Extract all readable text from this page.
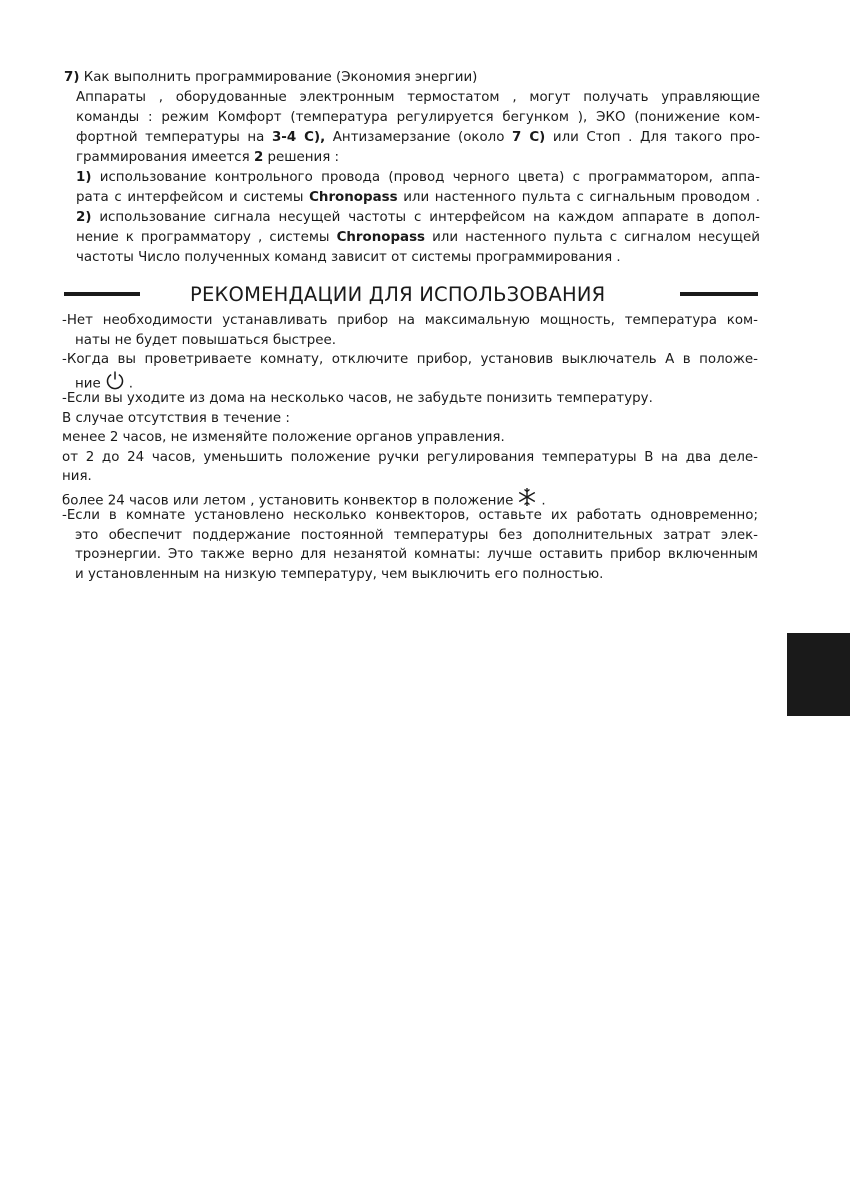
7) Как выполнить программирование (Экономия энергии)
Аппараты , оборудованные электронным термостатом , могут получать управляющие
команды : режим Комфорт (температура регулируется бегунком ), ЭКО (понижение ком-
фортной температуры на 3-4 С), Антизамерзание (около 7 С) или Стоп . Для такого про-
граммирования имеется 2 решения :
1) использование контрольного провода (провод черного цвета) с программатором, аппа-
рата с интерфейсом и системы Chronopass или настенного пульта с сигнальным проводом .
2) использование сигнала несущей частоты с интерфейсом на каждом аппарате в допол-
нение к программатору , системы Chronopass или настенного пульта с сигналом несущей
частоты Число полученных команд зависит от системы программирования .
РЕКОМЕНДАЦИИ ДЛЯ ИСПОЛЬЗОВАНИЯ
-Нет необходимости устанавливать прибор на максимальную мощность, температура ком-
наты не будет повышаться быстрее.
-Когда вы проветриваете комнату, отключите прибор, установив выключатель А в положе-
ние .
-Если вы уходите из дома на несколько часов, не забудьте понизить температуру.
В случае отсутствия в течение :
менее 2 часов, не изменяйте положение органов управления.
от 2 до 24 часов, уменьшить положение ручки регулирования температуры В на два деле-
ния.
более 24 часов или летом , установить конвектор в положение .
-Если в комнате установлено несколько конвекторов, оставьте их работать одновременно;
это обеспечит поддержание постоянной температуры без дополнительных затрат элек-
троэнергии. Это также верно для незанятой комнаты: лучше оставить прибор включенным
и установленным на низкую температуру, чем выключить его полностью.
